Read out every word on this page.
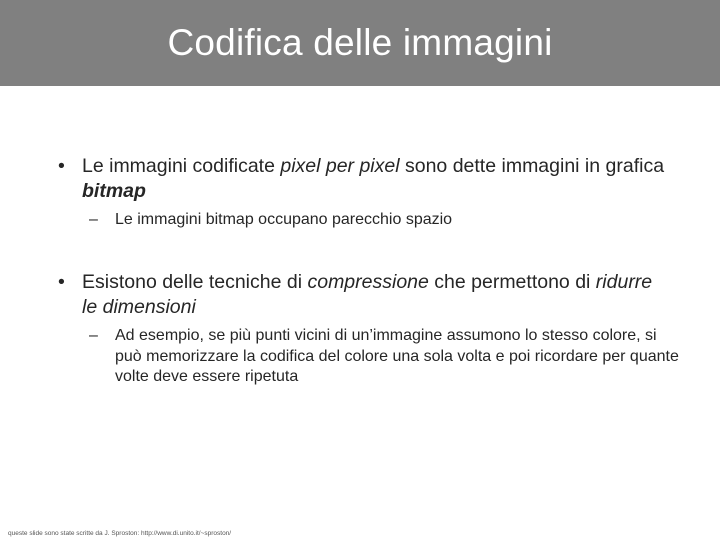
Codifica delle immagini
• Le immagini codificate pixel per pixel sono dette immagini in grafica bitmap
– Le immagini bitmap occupano parecchio spazio
• Esistono delle tecniche di compressione che permettono di ridurre le dimensioni
– Ad esempio, se più punti vicini di un’immagine assumono lo stesso colore, si può memorizzare la codifica del colore una sola volta e poi ricordare per quante volte deve essere ripetuta
queste slide sono state scritte da J. Sproston: http://www.di.unito.it/~sproston/
